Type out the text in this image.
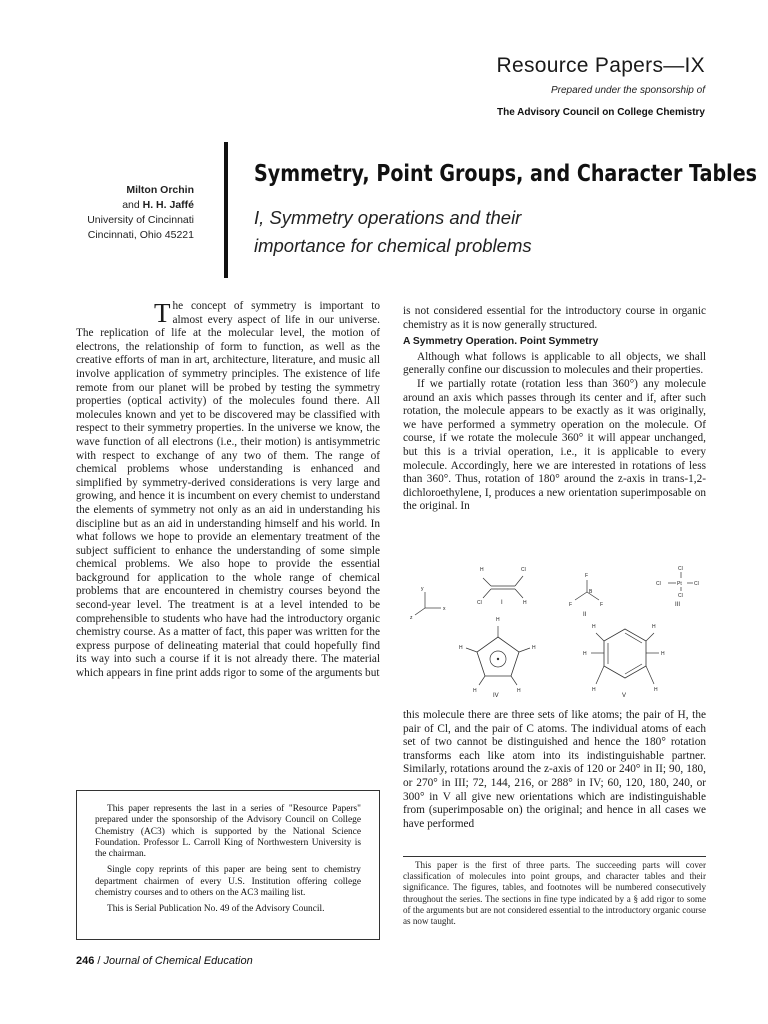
Resource Papers—IX
Prepared under the sponsorship of
The Advisory Council on College Chemistry
Milton Orchin
and H. H. Jaffé
University of Cincinnati
Cincinnati, Ohio 45221
Symmetry, Point Groups, and Character Tables
I, Symmetry operations and their importance for chemical problems

The concept of symmetry is important to almost every aspect of life in our universe. The replication of life at the molecular level, the motion of electrons, the relationship of form to function, as well as the creative efforts of man in art, architecture, literature, and music all involve application of symmetry principles. The existence of life remote from our planet will be probed by testing the symmetry properties (optical activity) of the molecules found there. All molecules known and yet to be discovered may be classified with respect to their symmetry properties. In the universe we know, the wave function of all electrons (i.e., their motion) is antisymmetric with respect to exchange of any two of them. The range of chemical problems whose understanding is enhanced and simplified by symmetry-derived considerations is very large and growing, and hence it is incumbent on every chemist to understand the elements of symmetry not only as an aid in understanding his discipline but as an aid in understanding himself and his world. In what follows we hope to provide an elementary treatment of the subject sufficient to enhance the understanding of some simple chemical problems. We also hope to provide the essential background for application to the whole range of chemical problems that are encountered in chemistry courses beyond the second-year level. The treatment is at a level intended to be comprehensible to students who have had the introductory organic chemistry course. As a matter of fact, this paper was written for the express purpose of delineating material that could hopefully find its way into such a course if it is not already there. The material which appears in fine print adds rigor to some of the arguments but

This paper represents the last in a series of "Resource Papers" prepared under the sponsorship of the Advisory Council on College Chemistry (AC3) which is supported by the National Science Foundation. Professor L. Carroll King of Northwestern University is the chairman.

Single copy reprints of this paper are being sent to chemistry department chairmen of every U.S. Institution offering college chemistry courses and to others on the AC3 mailing list.

This is Serial Publication No. 49 of the Advisory Council.

is not considered essential for the introductory course in organic chemistry as it is now generally structured.

A Symmetry Operation. Point Symmetry

Although what follows is applicable to all objects, we shall generally confine our discussion to molecules and their properties.

If we partially rotate (rotation less than 360°) any molecule around an axis which passes through its center and if, after such rotation, the molecule appears to be exactly as it was originally, we have performed a symmetry operation on the molecule. Of course, if we rotate the molecule 360° it will appear unchanged, but this is a trivial operation, i.e., it is applicable to every molecule. Accordingly, here we are interested in rotations of less than 360°. Thus, rotation of 180° around the z-axis in trans-1,2-dichloroethylene, I, produces a new orientation superimposable on the original. In

y
x
z
H	Cl
Cl	H
I
F
B
F	F
II
Cl
Cl	Pt Cl
Cl
III
H
H
H
H
H
IV
H	H
H
H
H
H
V

this molecule there are three sets of like atoms; the pair of H, the pair of Cl, and the pair of C atoms. The individual atoms of each set of two cannot be distinguished and hence the 180° rotation transforms each like atom into its indistinguishable partner. Similarly, rotations around the z-axis of 120 or 240° in II; 90, 180, or 270° in III; 72, 144, 216, or 288° in IV; 60, 120, 180, 240, or 300° in V all give new orientations which are indistinguishable from (superimposable on) the original; and hence in all cases we have performed

This paper is the first of three parts. The succeeding parts will cover classification of molecules into point groups, and character tables and their significance. The figures, tables, and footnotes will be numbered consecutively throughout the series. The sections in fine type indicated by a § add rigor to some of the arguments but are not considered essential to the introductory organic course as now taught.

246 / Journal of Chemical Education
